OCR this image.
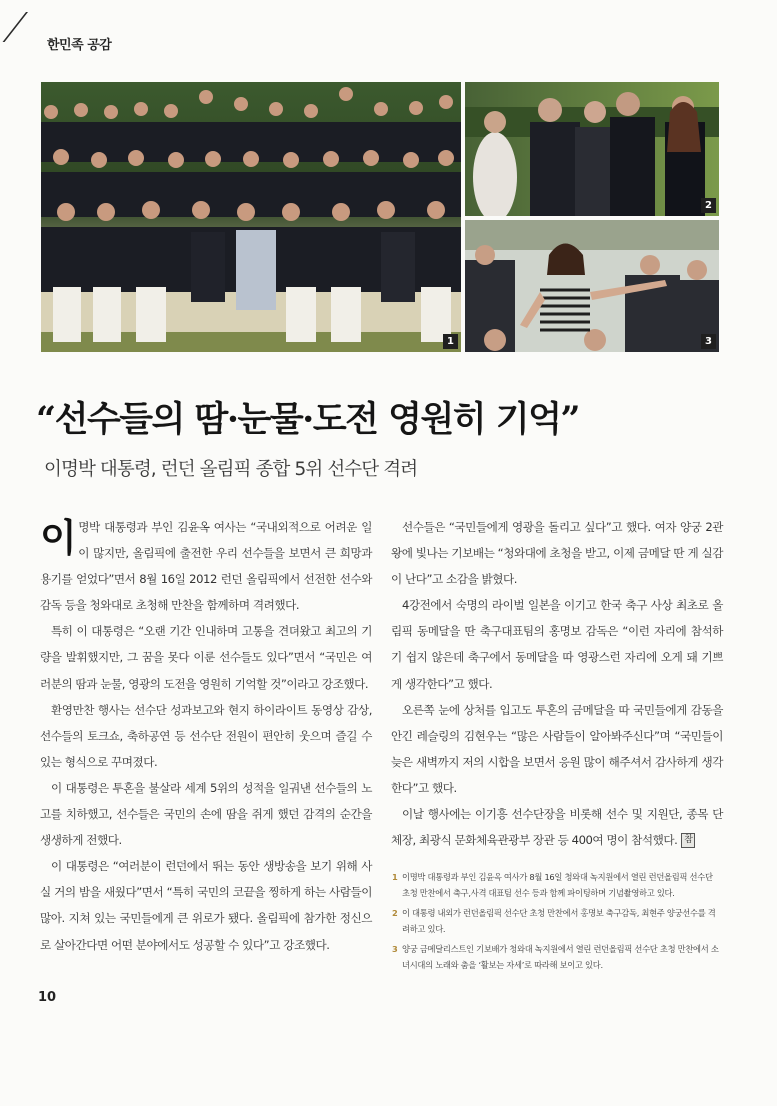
한민족 공감
1
2
3
“선수들의 땀·눈물·도전 영원히 기억”
이명박 대통령, 런던 올림픽 종합 5위 선수단 격려

이명박 대통령과 부인 김윤옥 여사는 “국내외적으로 어려운 일이 많지만, 올림픽에 출전한 우리 선수들을 보면서 큰 희망과 용기를 얻었다”면서 8월 16일 2012 런던 올림픽에서 선전한 선수와 감독 등을 청와대로 초청해 만찬을 함께하며 격려했다.

특히 이 대통령은 “오랜 기간 인내하며 고통을 견뎌왔고 최고의 기량을 발휘했지만, 그 꿈을 못다 이룬 선수들도 있다”면서 “국민은 여러분의 땀과 눈물, 영광의 도전을 영원히 기억할 것”이라고 강조했다.

환영만찬 행사는 선수단 성과보고와 현지 하이라이트 동영상 감상, 선수들의 토크쇼, 축하공연 등 선수단 전원이 편안히 웃으며 즐길 수 있는 형식으로 꾸며졌다.

이 대통령은 투혼을 불살라 세계 5위의 성적을 일궈낸 선수들의 노고를 치하했고, 선수들은 국민의 손에 땀을 쥐게 했던 감격의 순간을 생생하게 전했다.

이 대통령은 “여러분이 런던에서 뛰는 동안 생방송을 보기 위해 사실 거의 밤을 새웠다”면서 “특히 국민의 코끝을 찡하게 하는 사람들이 많아. 지쳐 있는 국민들에게 큰 위로가 됐다. 올림픽에 참가한 정신으로 살아간다면 어떤 분야에서도 성공할 수 있다”고 강조했다.

선수들은 “국민들에게 영광을 돌리고 싶다”고 했다. 여자 양궁 2관왕에 빛나는 기보배는 “청와대에 초청을 받고, 이제 금메달 딴 게 실감이 난다”고 소감을 밝혔다.

4강전에서 숙명의 라이벌 일본을 이기고 한국 축구 사상 최초로 올림픽 동메달을 딴 축구대표팀의 홍명보 감독은 “이런 자리에 참석하기 쉽지 않은데 축구에서 동메달을 따 영광스런 자리에 오게 돼 기쁘게 생각한다”고 했다.

오른쪽 눈에 상처를 입고도 투혼의 금메달을 따 국민들에게 감동을 안긴 레슬링의 김현우는 “많은 사람들이 알아봐주신다”며 “국민들이 늦은 새벽까지 저의 시합을 보면서 응원 많이 해주셔서 감사하게 생각한다”고 했다.

이날 행사에는 이기흥 선수단장을 비롯해 선수 및 지원단, 종목 단체장, 최광식 문화체육관광부 장관 등 400여 명이 참석했다. 참

1 이명박 대통령과 부인 김윤옥 여사가 8월 16일 청와대 녹지원에서 열린 런던올림픽 선수단 초청 만찬에서 축구,사격 대표팀 선수 등과 함께 파이팅하며 기념촬영하고 있다.
2 이 대통령 내외가 런던올림픽 선수단 초청 만찬에서 홍명보 축구감독, 최현주 양궁선수를 격려하고 있다.
3 양궁 금메달리스트인 기보배가 청와대 녹지원에서 열린 런던올림픽 선수단 초청 만찬에서 소녀시대의 노래와 춤을 ‘활보는 자세’로 따라해 보이고 있다.
10
